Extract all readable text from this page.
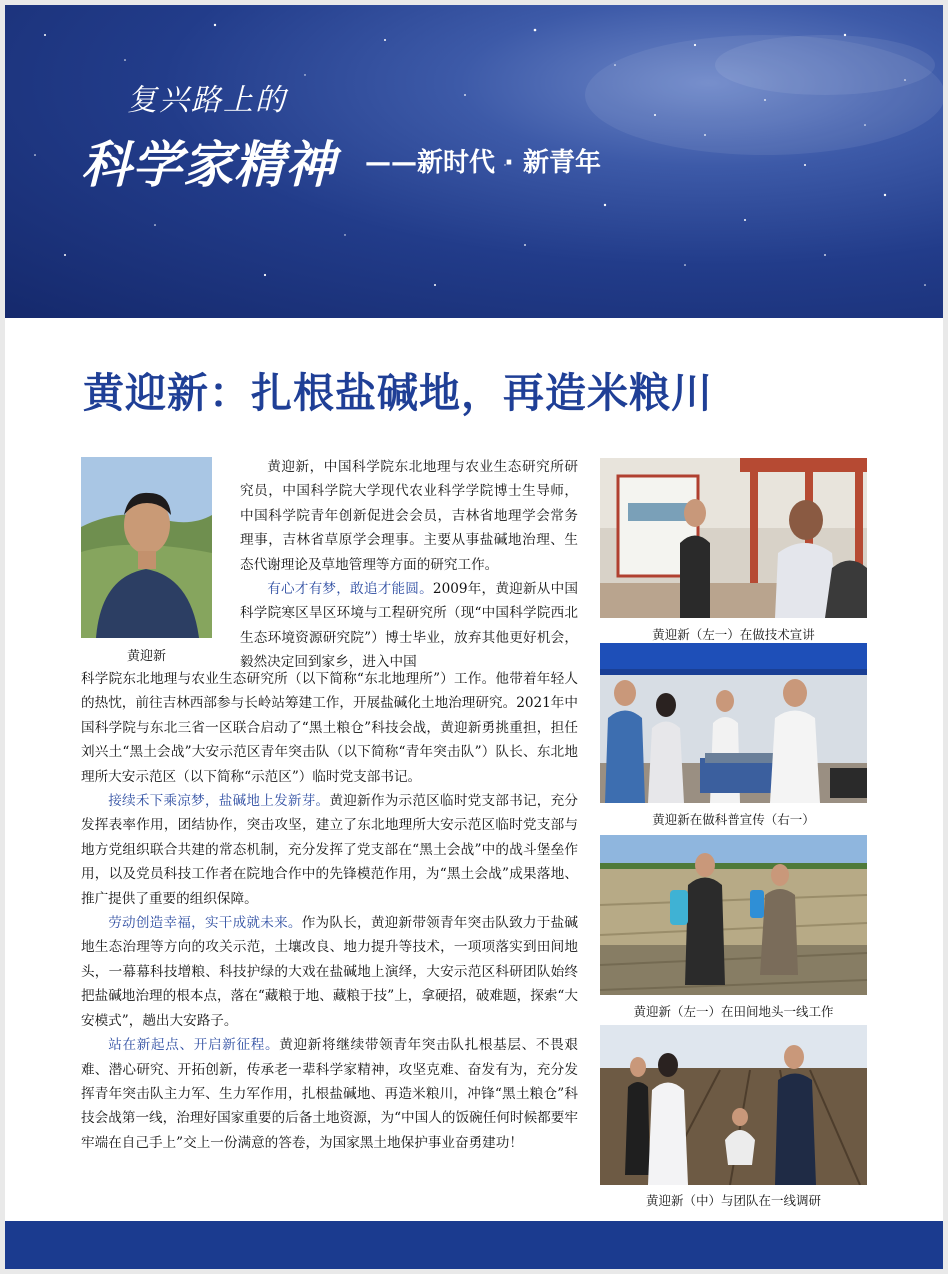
复兴路上的
科学家精神 ——新时代 · 新青年
黄迎新：扎根盐碱地，再造米粮川
黄迎新

黄迎新，中国科学院东北地理与农业生态研究所研究员，中国科学院大学现代农业科学学院博士生导师，中国科学院青年创新促进会会员，吉林省地理学会常务理事，吉林省草原学会理事。主要从事盐碱地治理、生态代谢理论及草地管理等方面的研究工作。

有心才有梦，敢追才能圆。2009年，黄迎新从中国科学院寒区旱区环境与工程研究所（现“中国科学院西北生态环境资源研究院”）博士毕业，放弃其他更好机会，毅然决定回到家乡，进入中国

科学院东北地理与农业生态研究所（以下简称“东北地理所”）工作。他带着年轻人的热忱，前往吉林西部参与长岭站筹建工作，开展盐碱化土地治理研究。2021年中国科学院与东北三省一区联合启动了“黑土粮仓”科技会战，黄迎新勇挑重担，担任刘兴土“黑土会战”大安示范区青年突击队（以下简称“青年突击队”）队长、东北地理所大安示范区（以下简称“示范区”）临时党支部书记。

接续禾下乘凉梦，盐碱地上发新芽。黄迎新作为示范区临时党支部书记，充分发挥表率作用，团结协作，突击攻坚，建立了东北地理所大安示范区临时党支部与地方党组织联合共建的常态机制，充分发挥了党支部在“黑土会战”中的战斗堡垒作用，以及党员科技工作者在院地合作中的先锋模范作用，为“黑土会战”成果落地、推广提供了重要的组织保障。

劳动创造幸福，实干成就未来。作为队长，黄迎新带领青年突击队致力于盐碱地生态治理等方向的攻关示范，土壤改良、地力提升等技术，一项项落实到田间地头，一幕幕科技增粮、科技护绿的大戏在盐碱地上演绎，大安示范区科研团队始终把盐碱地治理的根本点，落在“藏粮于地、藏粮于技”上，拿硬招，破难题，探索“大安模式”，趟出大安路子。

站在新起点、开启新征程。黄迎新将继续带领青年突击队扎根基层、不畏艰难、潜心研究、开拓创新，传承老一辈科学家精神，攻坚克难、奋发有为，充分发挥青年突击队主力军、生力军作用，扎根盐碱地、再造米粮川，冲锋“黑土粮仓”科技会战第一线，治理好国家重要的后备土地资源，为“中国人的饭碗任何时候都要牢牢端在自己手上”交上一份满意的答卷，为国家黑土地保护事业奋勇建功！

黄迎新（左一）在做技术宣讲
黄迎新在做科普宣传（右一）
黄迎新（左一）在田间地头一线工作
黄迎新（中）与团队在一线调研
